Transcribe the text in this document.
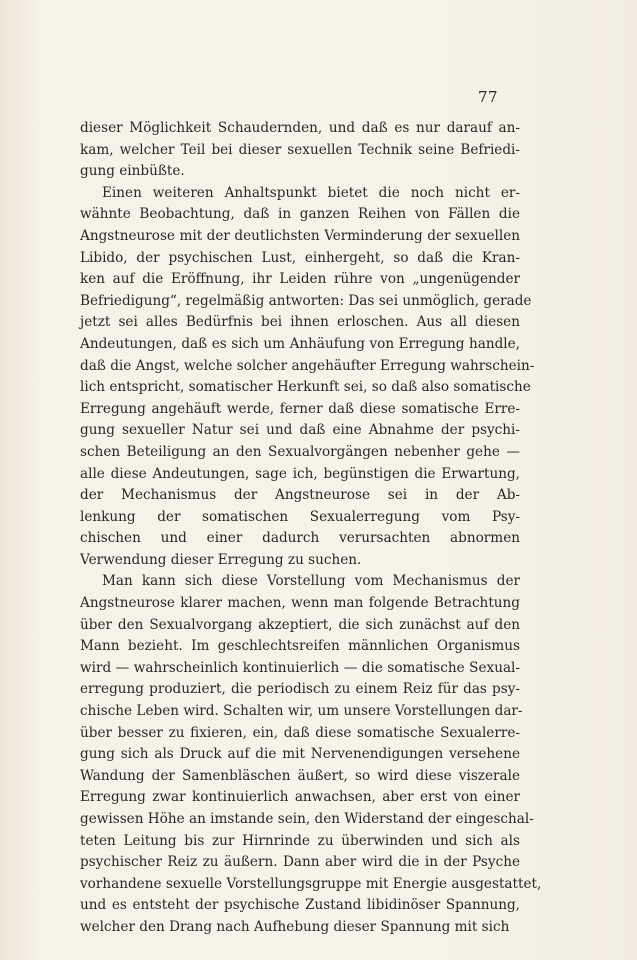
77
dieser Möglichkeit Schaudernden, und daß es nur darauf an-
kam, welcher Teil bei dieser sexuellen Technik seine Befriedi-
gung einbüßte.
Einen weiteren Anhaltspunkt bietet die noch nicht er-
wähnte Beobachtung, daß in ganzen Reihen von Fällen die
Angstneurose mit der deutlichsten Verminderung der sexuellen
Libido, der psychischen Lust, einhergeht, so daß die Kran-
ken auf die Eröffnung, ihr Leiden rühre von „ungenügender
Befriedigung“, regelmäßig antworten: Das sei unmöglich, gerade
jetzt sei alles Bedürfnis bei ihnen erloschen. Aus all diesen
Andeutungen, daß es sich um Anhäufung von Erregung handle,
daß die Angst, welche solcher angehäufter Erregung wahrschein-
lich entspricht, somatischer Herkunft sei, so daß also somatische
Erregung angehäuft werde, ferner daß diese somatische Erre-
gung sexueller Natur sei und daß eine Abnahme der psychi-
schen Beteiligung an den Sexualvorgängen nebenher gehe —
alle diese Andeutungen, sage ich, begünstigen die Erwartung,
der Mechanismus der Angstneurose sei in der Ab-
lenkung der somatischen Sexualerregung vom Psy-
chischen und einer dadurch verursachten abnormen
Verwendung dieser Erregung zu suchen.
Man kann sich diese Vorstellung vom Mechanismus der
Angstneurose klarer machen, wenn man folgende Betrachtung
über den Sexualvorgang akzeptiert, die sich zunächst auf den
Mann bezieht. Im geschlechtsreifen männlichen Organismus
wird — wahrscheinlich kontinuierlich — die somatische Sexual-
erregung produziert, die periodisch zu einem Reiz für das psy-
chische Leben wird. Schalten wir, um unsere Vorstellungen dar-
über besser zu fixieren, ein, daß diese somatische Sexualerre-
gung sich als Druck auf die mit Nervenendigungen versehene
Wandung der Samenbläschen äußert, so wird diese viszerale
Erregung zwar kontinuierlich anwachsen, aber erst von einer
gewissen Höhe an imstande sein, den Widerstand der eingeschal-
teten Leitung bis zur Hirnrinde zu überwinden und sich als
psychischer Reiz zu äußern. Dann aber wird die in der Psyche
vorhandene sexuelle Vorstellungsgruppe mit Energie ausgestattet,
und es entsteht der psychische Zustand libidinöser Spannung,
welcher den Drang nach Aufhebung dieser Spannung mit sich
